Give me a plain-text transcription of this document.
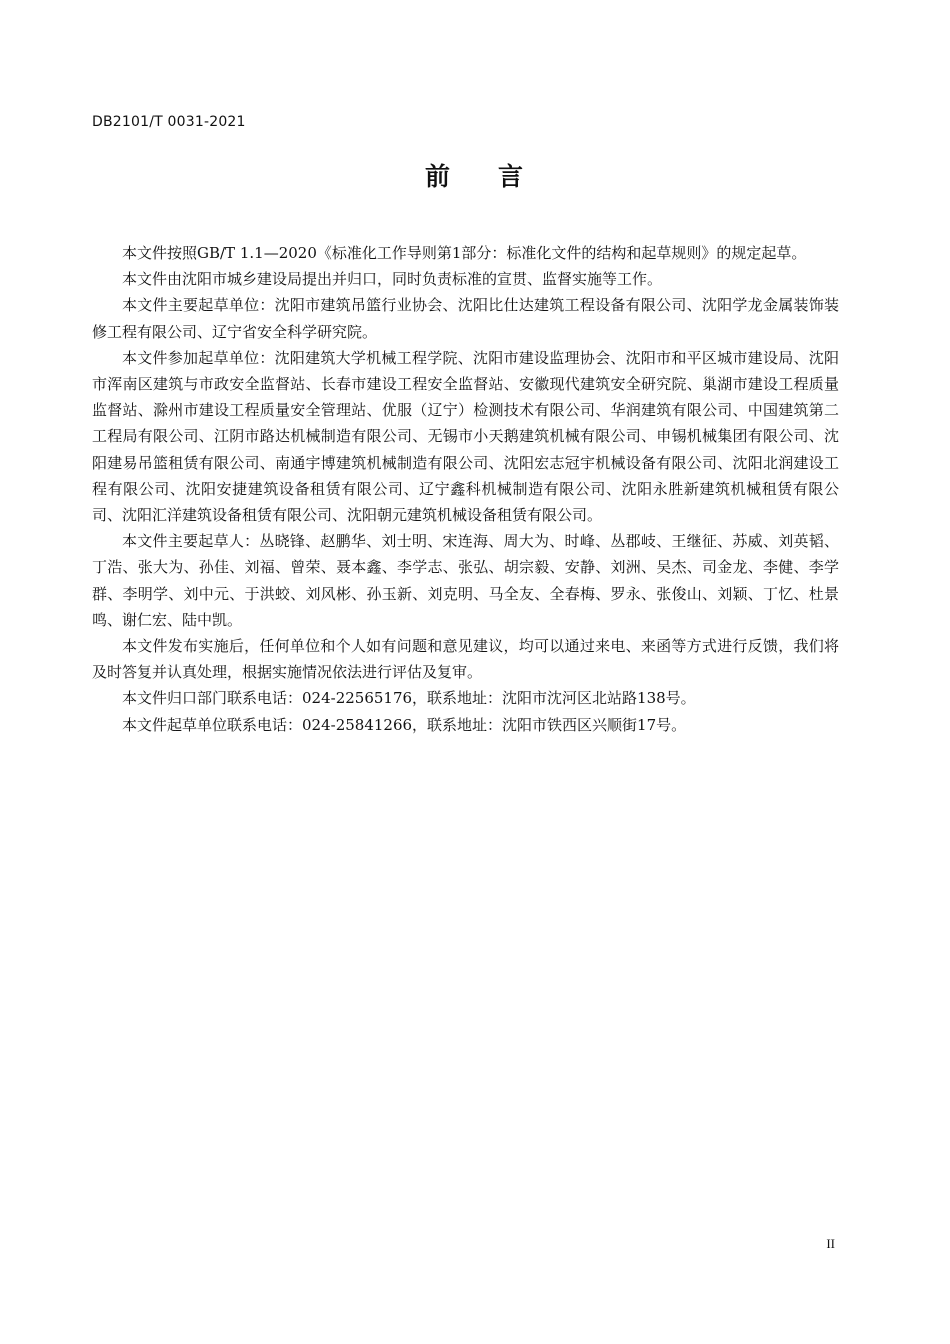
DB2101/T 0031-2021
前 言

本文件按照GB/T 1.1—2020《标准化工作导则第1部分：标准化文件的结构和起草规则》的规定起草。

本文件由沈阳市城乡建设局提出并归口，同时负责标准的宣贯、监督实施等工作。

本文件主要起草单位：沈阳市建筑吊篮行业协会、沈阳比仕达建筑工程设备有限公司、沈阳学龙金属装饰装修工程有限公司、辽宁省安全科学研究院。

本文件参加起草单位：沈阳建筑大学机械工程学院、沈阳市建设监理协会、沈阳市和平区城市建设局、沈阳市浑南区建筑与市政安全监督站、长春市建设工程安全监督站、安徽现代建筑安全研究院、巢湖市建设工程质量监督站、滁州市建设工程质量安全管理站、优服（辽宁）检测技术有限公司、华润建筑有限公司、中国建筑第二工程局有限公司、江阴市路达机械制造有限公司、无锡市小天鹅建筑机械有限公司、申锡机械集团有限公司、沈阳建易吊篮租赁有限公司、南通宇博建筑机械制造有限公司、沈阳宏志冠宇机械设备有限公司、沈阳北润建设工程有限公司、沈阳安捷建筑设备租赁有限公司、辽宁鑫科机械制造有限公司、沈阳永胜新建筑机械租赁有限公司、沈阳汇洋建筑设备租赁有限公司、沈阳朝元建筑机械设备租赁有限公司。

本文件主要起草人：丛晓锋、赵鹏华、刘士明、宋连海、周大为、时峰、丛郡岐、王继征、苏威、刘英韬、丁浩、张大为、孙佳、刘福、曾荣、聂本鑫、李学志、张弘、胡宗毅、安静、刘洲、吴杰、司金龙、李健、李学群、李明学、刘中元、于洪蛟、刘风彬、孙玉新、刘克明、马全友、全春梅、罗永、张俊山、刘颖、丁忆、杜景鸣、谢仁宏、陆中凯。

本文件发布实施后，任何单位和个人如有问题和意见建议，均可以通过来电、来函等方式进行反馈，我们将及时答复并认真处理，根据实施情况依法进行评估及复审。

本文件归口部门联系电话：024-22565176，联系地址：沈阳市沈河区北站路138号。

本文件起草单位联系电话：024-25841266，联系地址：沈阳市铁西区兴顺街17号。

II
